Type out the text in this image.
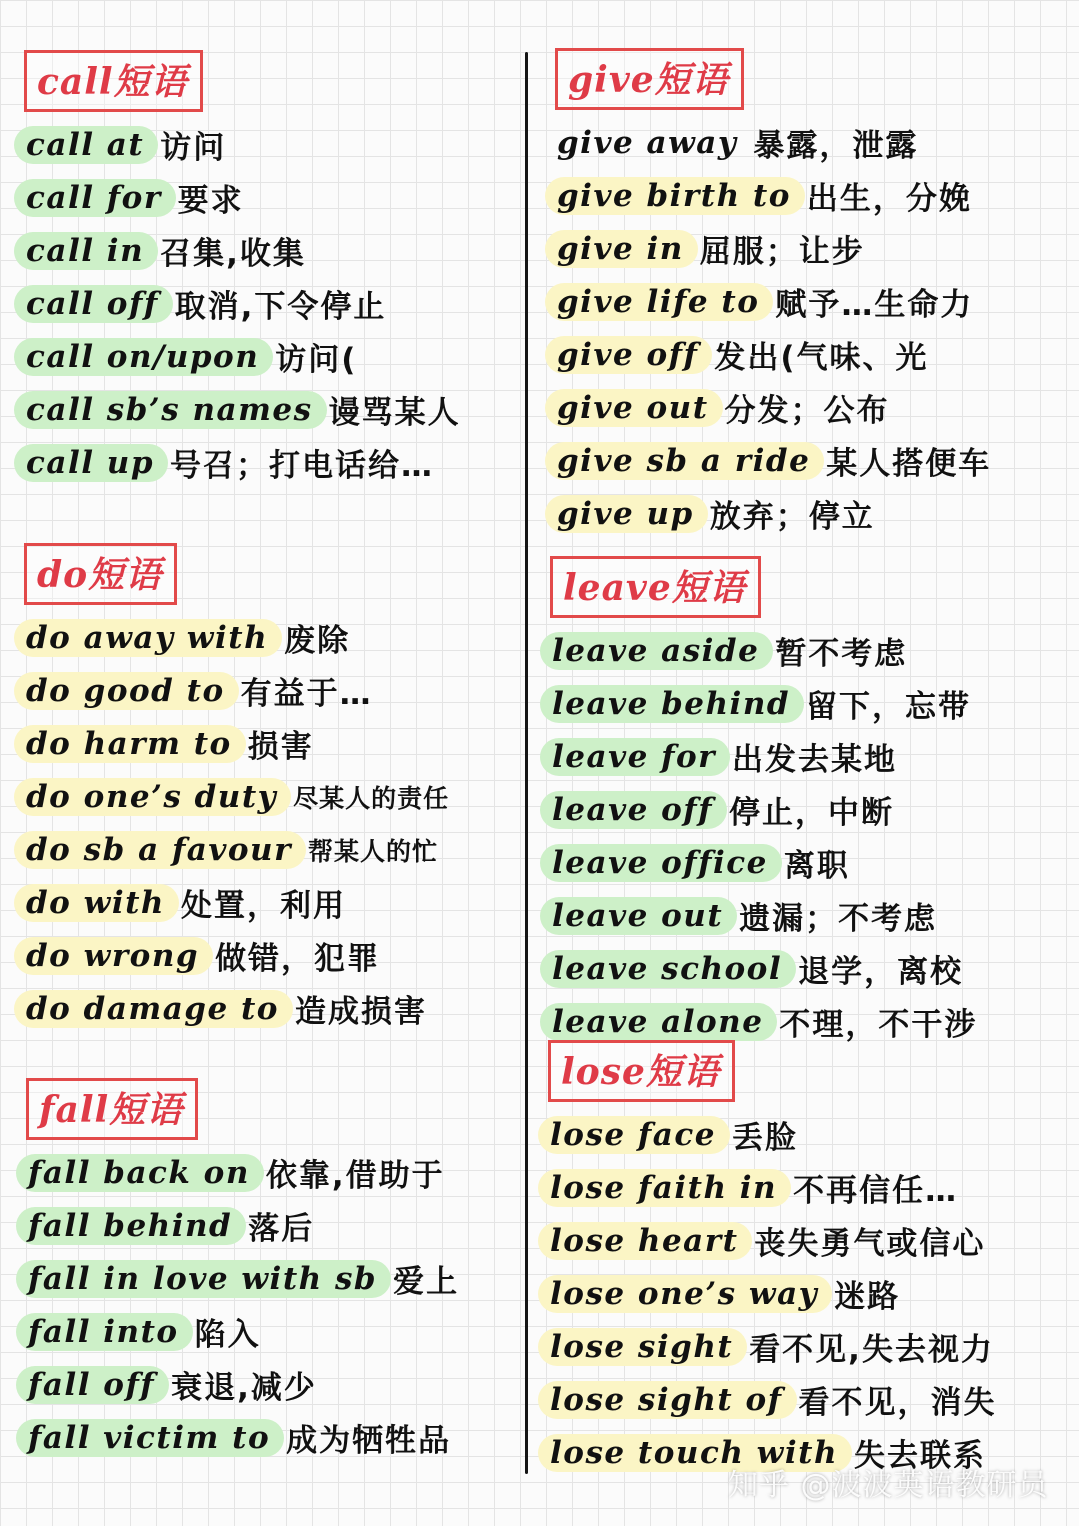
call短语
call at 访问
call for 要求
call in 召集,收集
call off 取消,下令停止
call on/upon 访问(
call sb’s names 谩骂某人
call up 号召；打电话给…
do短语
do away with 废除
do good to 有益于…
do harm to 损害
do one’s duty 尽某人的责任
do sb a favour 帮某人的忙
do with 处置，利用
do wrong 做错，犯罪
do damage to 造成损害
fall短语
fall back on 依靠,借助于
fall behind 落后
fall in love with sb 爱上
fall into 陷入
fall off 衰退,减少
fall victim to 成为牺牲品
give短语
give away 暴露，泄露
give birth to 出生，分娩
give in 屈服；让步
give life to 赋予…生命力
give off 发出(气味、光
give out 分发；公布
give sb a ride 某人搭便车
give up 放弃；停立
leave短语
leave aside 暂不考虑
leave behind 留下，忘带
leave for 出发去某地
leave off 停止，中断
leave office 离职
leave out 遗漏；不考虑
leave school 退学，离校
leave alone 不理，不干涉
lose短语
lose face 丢脸
lose faith in 不再信任…
lose heart 丧失勇气或信心
lose one’s way 迷路
lose sight 看不见,失去视力
lose sight of 看不见，消失
lose touch with 失去联系
知乎 @波波英语教研员
